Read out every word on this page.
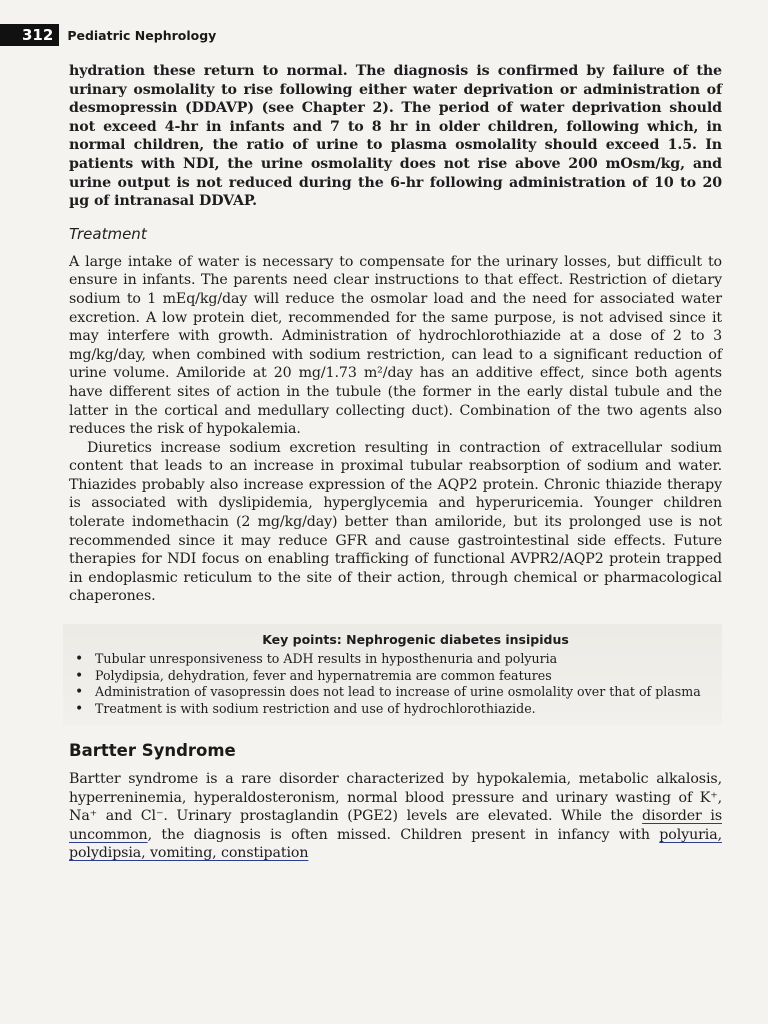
312	Pediatric Nephrology

hydration these return to normal. The diagnosis is confirmed by failure of the urinary osmolality to rise following either water deprivation or administration of desmopressin (DDAVP) (see Chapter 2). The period of water deprivation should not exceed 4-hr in infants and 7 to 8 hr in older children, following which, in normal children, the ratio of urine to plasma osmolality should exceed 1.5. In patients with NDI, the urine osmolality does not rise above 200 mOsm/kg, and urine output is not reduced during the 6-hr following administration of 10 to 20 µg of intranasal DDVAP.

Treatment

A large intake of water is necessary to compensate for the urinary losses, but difficult to ensure in infants. The parents need clear instructions to that effect. Restriction of dietary sodium to 1 mEq/kg/day will reduce the osmolar load and the need for associated water excretion. A low protein diet, recommended for the same purpose, is not advised since it may interfere with growth. Administration of hydrochlorothiazide at a dose of 2 to 3 mg/kg/day, when combined with sodium restriction, can lead to a significant reduction of urine volume. Amiloride at 20 mg/1.73 m²/day has an additive effect, since both agents have different sites of action in the tubule (the former in the early distal tubule and the latter in the cortical and medullary collecting duct). Combination of the two agents also reduces the risk of hypokalemia.

Diuretics increase sodium excretion resulting in contraction of extracellular sodium content that leads to an increase in proximal tubular reabsorption of sodium and water. Thiazides probably also increase expression of the AQP2 protein. Chronic thiazide therapy is associated with dyslipidemia, hyperglycemia and hyperuricemia. Younger children tolerate indomethacin (2 mg/kg/day) better than amiloride, but its prolonged use is not recommended since it may reduce GFR and cause gastrointestinal side effects. Future therapies for NDI focus on enabling trafficking of functional AVPR2/AQP2 protein trapped in endoplasmic reticulum to the site of their action, through chemical or pharmacological chaperones.

Key points: Nephrogenic diabetes insipidus
• Tubular unresponsiveness to ADH results in hyposthenuria and polyuria
• Polydipsia, dehydration, fever and hypernatremia are common features
• Administration of vasopressin does not lead to increase of urine osmolality over that of plasma
• Treatment is with sodium restriction and use of hydrochlorothiazide.
Bartter Syndrome

Bartter syndrome is a rare disorder characterized by hypokalemia, metabolic alkalosis, hyperreninemia, hyperaldosteronism, normal blood pressure and urinary wasting of K⁺, Na⁺ and Cl⁻. Urinary prostaglandin (PGE2) levels are elevated. While the disorder is uncommon, the diagnosis is often missed. Children present in infancy with polyuria, polydipsia, vomiting, constipation
